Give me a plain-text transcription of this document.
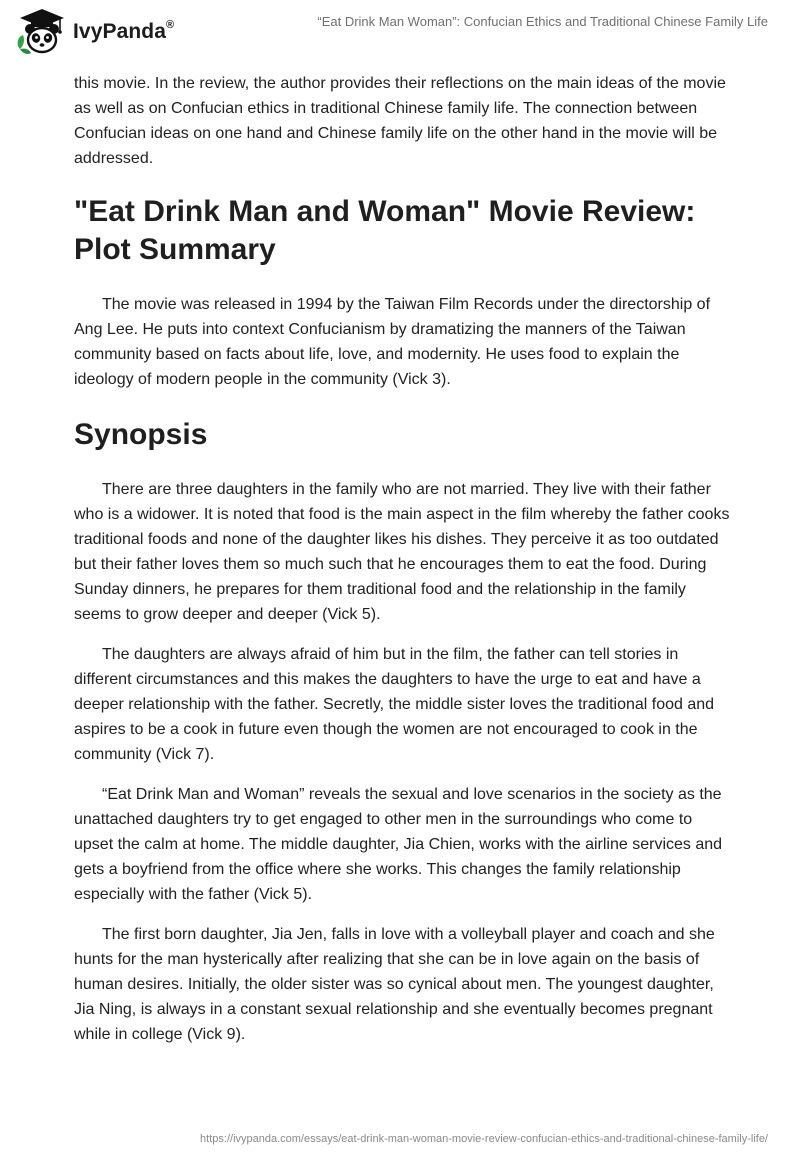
IvyPanda®	“Eat Drink Man Woman”: Confucian Ethics and Traditional Chinese Family Life

this movie. In the review, the author provides their reflections on the main ideas of the movie as well as on Confucian ethics in traditional Chinese family life. The connection between Confucian ideas on one hand and Chinese family life on the other hand in the movie will be addressed.

"Eat Drink Man and Woman" Movie Review: Plot Summary

The movie was released in 1994 by the Taiwan Film Records under the directorship of Ang Lee. He puts into context Confucianism by dramatizing the manners of the Taiwan community based on facts about life, love, and modernity. He uses food to explain the ideology of modern people in the community (Vick 3).

Synopsis

There are three daughters in the family who are not married. They live with their father who is a widower. It is noted that food is the main aspect in the film whereby the father cooks traditional foods and none of the daughter likes his dishes. They perceive it as too outdated but their father loves them so much such that he encourages them to eat the food. During Sunday dinners, he prepares for them traditional food and the relationship in the family seems to grow deeper and deeper (Vick 5).

The daughters are always afraid of him but in the film, the father can tell stories in different circumstances and this makes the daughters to have the urge to eat and have a deeper relationship with the father. Secretly, the middle sister loves the traditional food and aspires to be a cook in future even though the women are not encouraged to cook in the community (Vick 7).

“Eat Drink Man and Woman” reveals the sexual and love scenarios in the society as the unattached daughters try to get engaged to other men in the surroundings who come to upset the calm at home. The middle daughter, Jia Chien, works with the airline services and gets a boyfriend from the office where she works. This changes the family relationship especially with the father (Vick 5).

The first born daughter, Jia Jen, falls in love with a volleyball player and coach and she hunts for the man hysterically after realizing that she can be in love again on the basis of human desires. Initially, the older sister was so cynical about men. The youngest daughter, Jia Ning, is always in a constant sexual relationship and she eventually becomes pregnant while in college (Vick 9).

https://ivypanda.com/essays/eat-drink-man-woman-movie-review-confucian-ethics-and-traditional-chinese-family-life/
